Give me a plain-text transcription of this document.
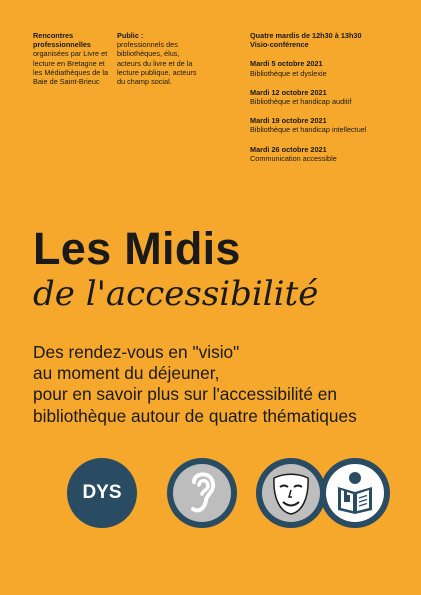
Rencontres professionnelles
organisées par Livre et lecture en Bretagne et les Médiathèques de la Baie de Saint-Brieuc
Public :
professionnels des bibliothèques, élus, acteurs du livre et de la lecture publique, acteurs du champ social.
Quatre mardis de 12h30 à 13h30
Visio-conférence
Mardi 5 octobre 2021
Bibliothèque et dyslexie
Mardi 12 octobre 2021
Bibliothèque et handicap auditif
Mardi 19 octobre 2021
Bibliothèque et handicap intellectuel
Mardi 26 octobre 2021
Communication accessible
Les Midis
de l'accessibilité
Des rendez-vous en "visio"
au moment du déjeuner,
pour en savoir plus sur l'accessibilité en
bibliothèque autour de quatre thématiques
DYS
